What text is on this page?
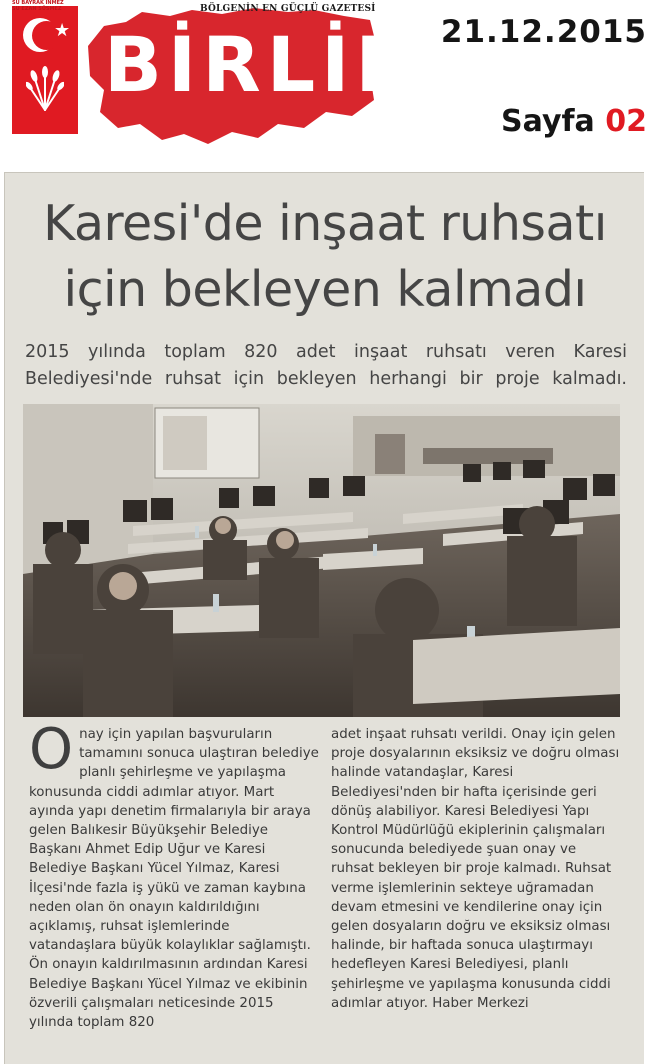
★
SU BAYRAK İNMEZ
SU EZAN SÜSMEZ	BÖLGENİN EN GÜÇLÜ GAZETESİ
BİRLİK 21.12.2015
Sayfa 02
Karesi'de inşaat ruhsatı
için bekleyen kalmadı

2015 yılında toplam 820 adet inşaat ruhsatı veren Karesi Belediyesi'nde ruhsat için bekleyen herhangi bir proje kalmadı.

O nay için yapılan başvuruların tamamını sonuca ulaştıran belediye planlı şehirleşme ve yapılaşma konusunda ciddi adımlar atıyor. Mart ayında yapı denetim firmalarıyla bir araya gelen Balıkesir Büyükşehir Belediye Başkanı Ahmet Edip Uğur ve Karesi Belediye Başkanı Yücel Yılmaz, Karesi İlçesi'nde fazla iş yükü ve zaman kaybına neden olan ön onayın kaldırıldığını açıklamış, ruhsat işlemlerinde vatandaşlara büyük kolaylıklar sağlamıştı.
Ön onayın kaldırılmasının ardından Karesi Belediye Başkanı Yücel Yılmaz ve ekibinin özverili çalışmaları neticesinde 2015 yılında toplam 820
adet inşaat ruhsatı verildi. Onay için gelen proje dosyalarının eksiksiz ve doğru olması halinde vatandaşlar, Karesi Belediyesi'nden bir hafta içerisinde geri dönüş alabiliyor. Karesi Belediyesi Yapı Kontrol Müdürlüğü ekiplerinin çalışmaları sonucunda belediyede şuan onay ve ruhsat bekleyen bir proje kalmadı. Ruhsat verme işlemlerinin sekteye uğramadan devam etmesini ve kendilerine onay için gelen dosyaların doğru ve eksiksiz olması halinde, bir haftada sonuca ulaştırmayı hedefleyen Karesi Belediyesi, planlı şehirleşme ve yapılaşma konusunda ciddi adımlar atıyor. Haber Merkezi
